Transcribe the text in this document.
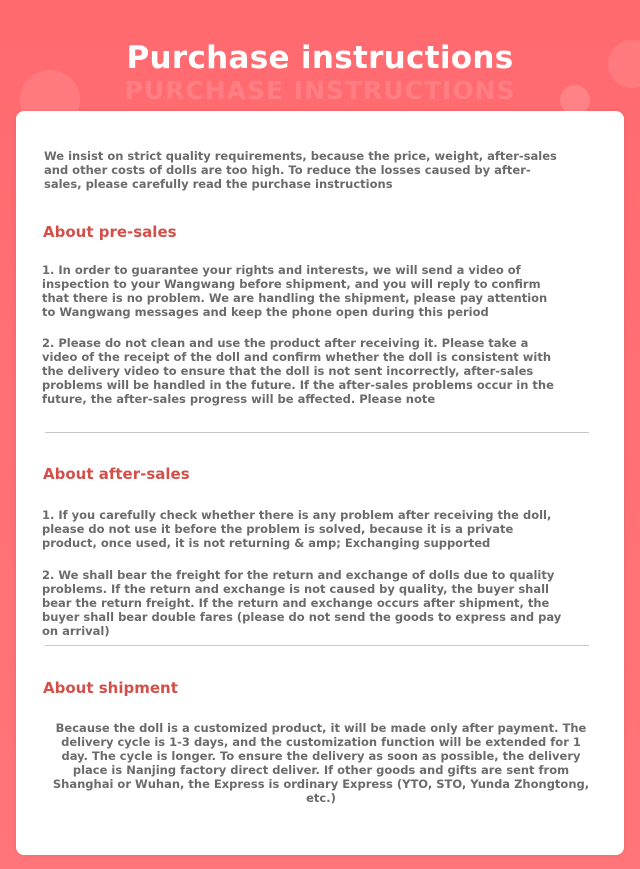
PURCHASE INSTRUCTIONS
Purchase instructions
We insist on strict quality requirements, because the price, weight, after-sales and other costs of dolls are too high. To reduce the losses caused by after-sales, please carefully read the purchase instructions
About pre-sales
1. In order to guarantee your rights and interests, we will send a video of inspection to your Wangwang before shipment, and you will reply to confirm that there is no problem. We are handling the shipment, please pay attention to Wangwang messages and keep the phone open during this period
2. Please do not clean and use the product after receiving it. Please take a video of the receipt of the doll and confirm whether the doll is consistent with the delivery video to ensure that the doll is not sent incorrectly, after-sales problems will be handled in the future. If the after-sales problems occur in the future, the after-sales progress will be affected. Please note
About after-sales
1. If you carefully check whether there is any problem after receiving the doll, please do not use it before the problem is solved, because it is a private product, once used, it is not returning & amp; Exchanging supported
2. We shall bear the freight for the return and exchange of dolls due to quality problems. If the return and exchange is not caused by quality, the buyer shall bear the return freight. If the return and exchange occurs after shipment, the buyer shall bear double fares (please do not send the goods to express and pay on arrival)
About shipment
Because the doll is a customized product, it will be made only after payment. The delivery cycle is 1-3 days, and the customization function will be extended for 1 day. The cycle is longer. To ensure the delivery as soon as possible, the delivery place is Nanjing factory direct deliver. If other goods and gifts are sent from Shanghai or Wuhan, the Express is ordinary Express (YTO, STO, Yunda Zhongtong, etc.)
